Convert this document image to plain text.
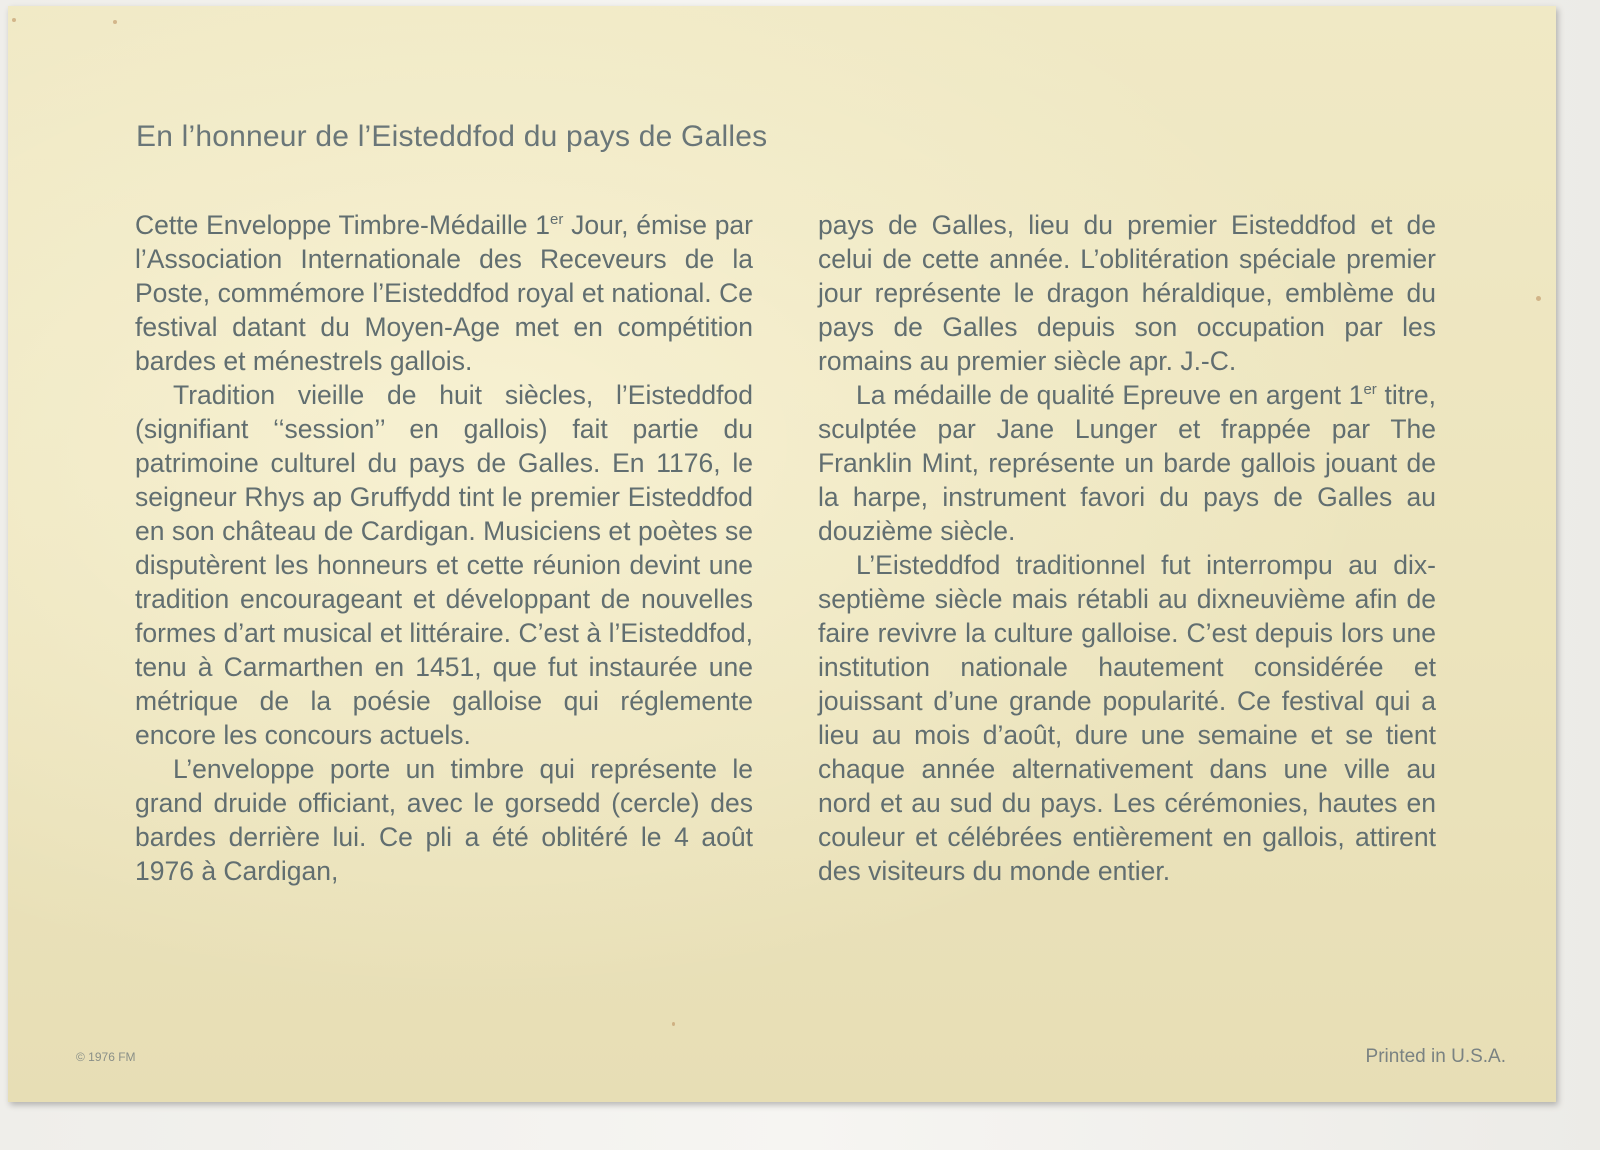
En l’honneur de l’Eisteddfod du pays de Galles

Cette Enveloppe Timbre-Médaille 1er Jour, émise par l’Association Internationale des Receveurs de la Poste, commémore l’Eisteddfod royal et national. Ce festival datant du Moyen-Age met en compétition bardes et ménestrels gallois.

Tradition vieille de huit siècles, l’Eisteddfod (signifiant ‘‘session’’ en gallois) fait partie du patrimoine culturel du pays de Galles. En 1176, le seigneur Rhys ap Gruffydd tint le premier Eisteddfod en son château de Cardigan. Musiciens et poètes se disputèrent les honneurs et cette réunion devint une tradition encourageant et développant de nouvelles formes d’art musical et littéraire. C’est à l’Eisteddfod, tenu à Carmarthen en 1451, que fut instaurée une métrique de la poésie galloise qui réglemente encore les concours actuels.

L’enveloppe porte un timbre qui représente le grand druide officiant, avec le gorsedd (cercle) des bardes derrière lui. Ce pli a été oblitéré le 4 août 1976 à Cardigan,

pays de Galles, lieu du premier Eisteddfod et de celui de cette année. L’oblitération spéciale premier jour représente le dragon héraldique, emblème du pays de Galles depuis son occupation par les romains au premier siècle apr. J.-C.

La médaille de qualité Epreuve en argent 1er titre, sculptée par Jane Lunger et frappée par The Franklin Mint, représente un barde gallois jouant de la harpe, instrument favori du pays de Galles au douzième siècle.

L’Eisteddfod traditionnel fut interrompu au dix-septième siècle mais rétabli au dixneuvième afin de faire revivre la culture galloise. C’est depuis lors une institution nationale hautement considérée et jouissant d’une grande popularité. Ce festival qui a lieu au mois d’août, dure une semaine et se tient chaque année alternativement dans une ville au nord et au sud du pays. Les cérémonies, hautes en couleur et célébrées entièrement en gallois, attirent des visiteurs du monde entier.

© 1976 FM	Printed in U.S.A.
